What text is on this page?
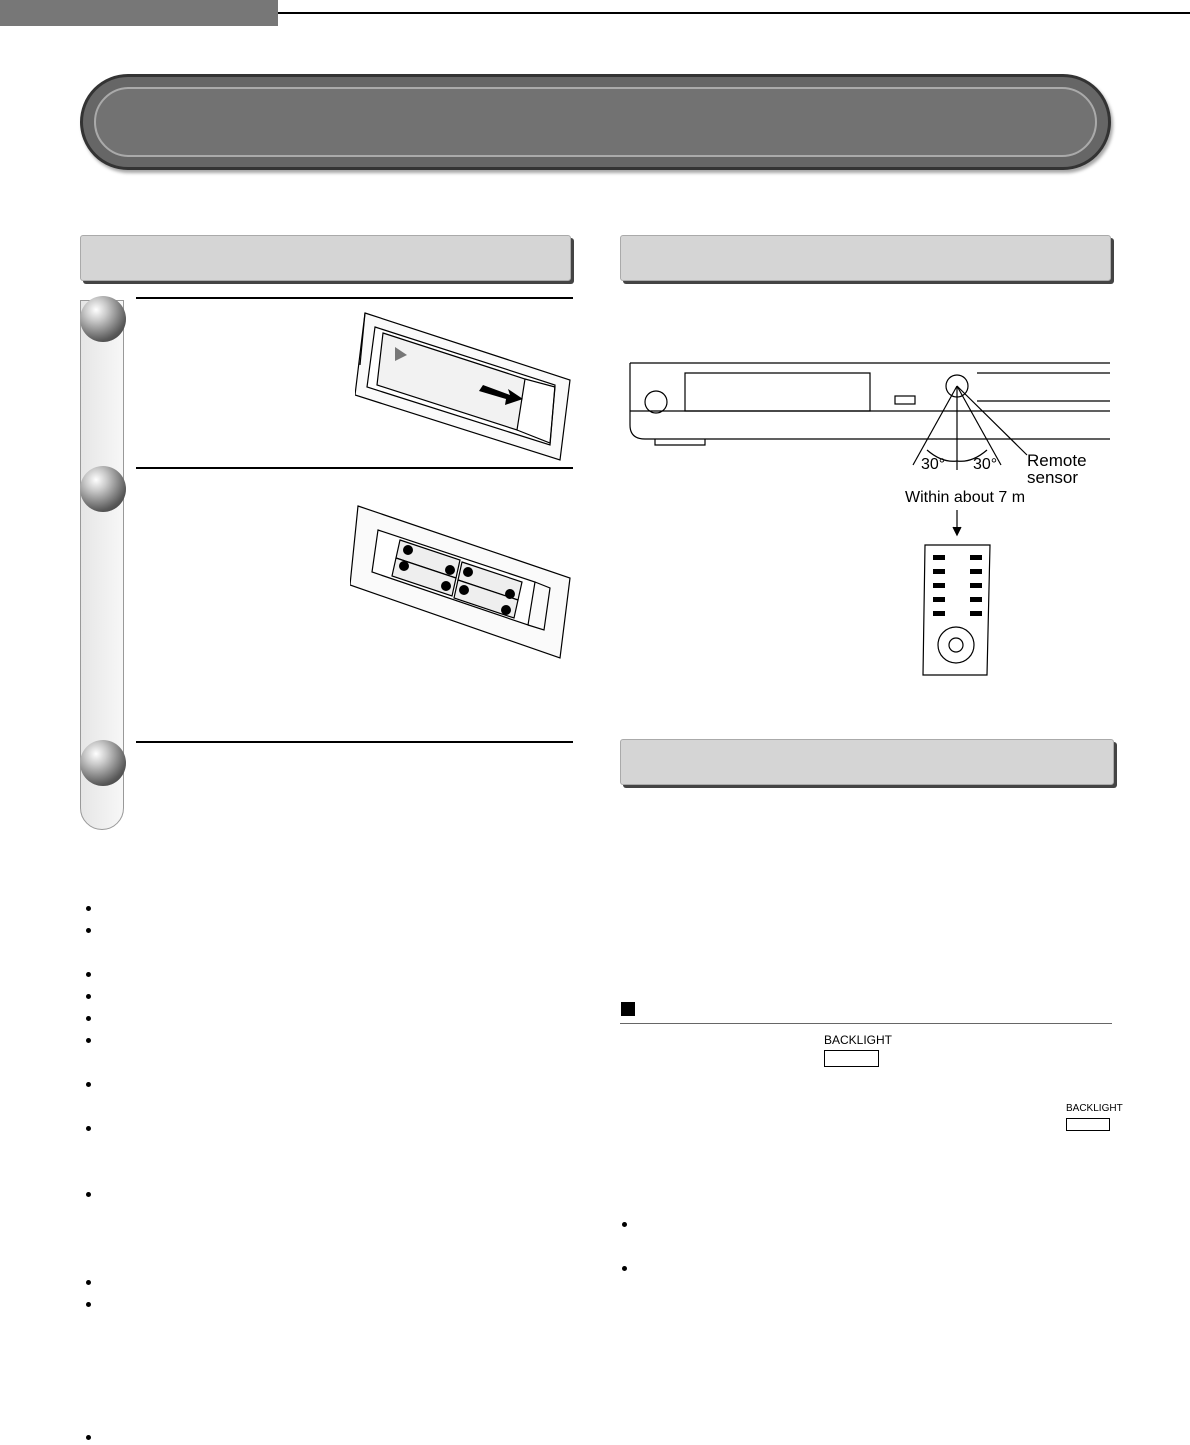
30° 30° Remote
sensor
Within about 7 m
BACKLIGHT
BACKLIGHT
